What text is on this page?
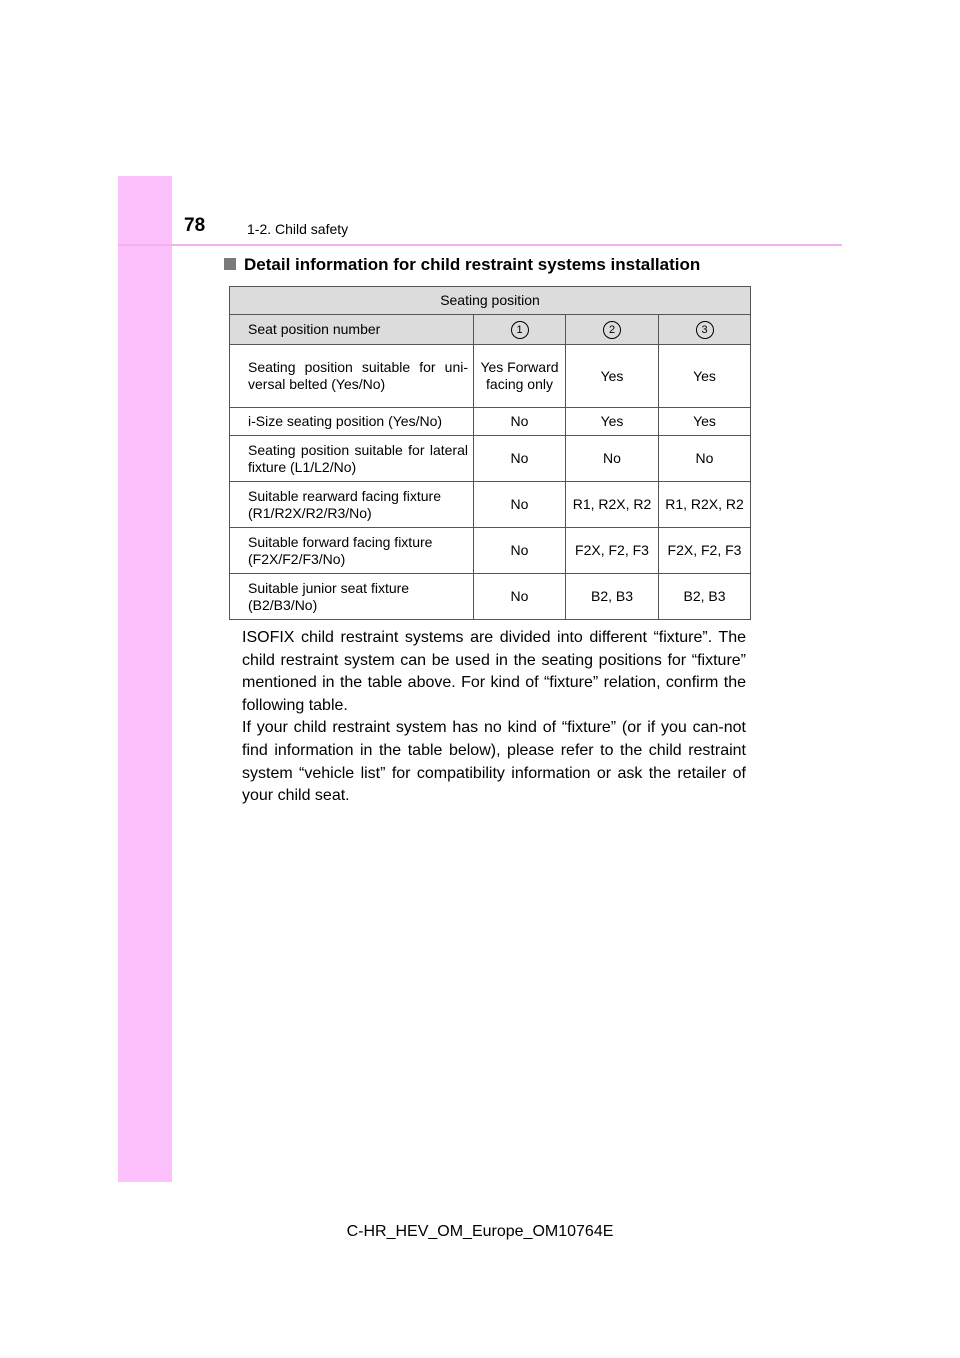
78	1-2. Child safety
Detail information for child restraint systems installation
Seating position			
Seat position number	1	2	3
Seating position suitable for uni-versal belted (Yes/No)	Yes Forward facing only	Yes	Yes
i-Size seating position (Yes/No)	No	Yes	Yes
Seating position suitable for lateral fixture (L1/L2/No)	No	No	No
Suitable rearward facing fixture (R1/R2X/R2/R3/No)	No	R1, R2X, R2	R1, R2X, R2
Suitable forward facing fixture (F2X/F2/F3/No)	No	F2X, F2, F3	F2X, F2, F3
Suitable junior seat fixture (B2/B3/No)	No	B2, B3	B2, B3
ISOFIX child restraint systems are divided into different “fixture”. The child restraint system can be used in the seating positions for “fixture” mentioned in the table above. For kind of “fixture” relation, confirm the following table.
If your child restraint system has no kind of “fixture” (or if you can-not find information in the table below), please refer to the child restraint system “vehicle list” for compatibility information or ask the retailer of your child seat.
C-HR_HEV_OM_Europe_OM10764E
